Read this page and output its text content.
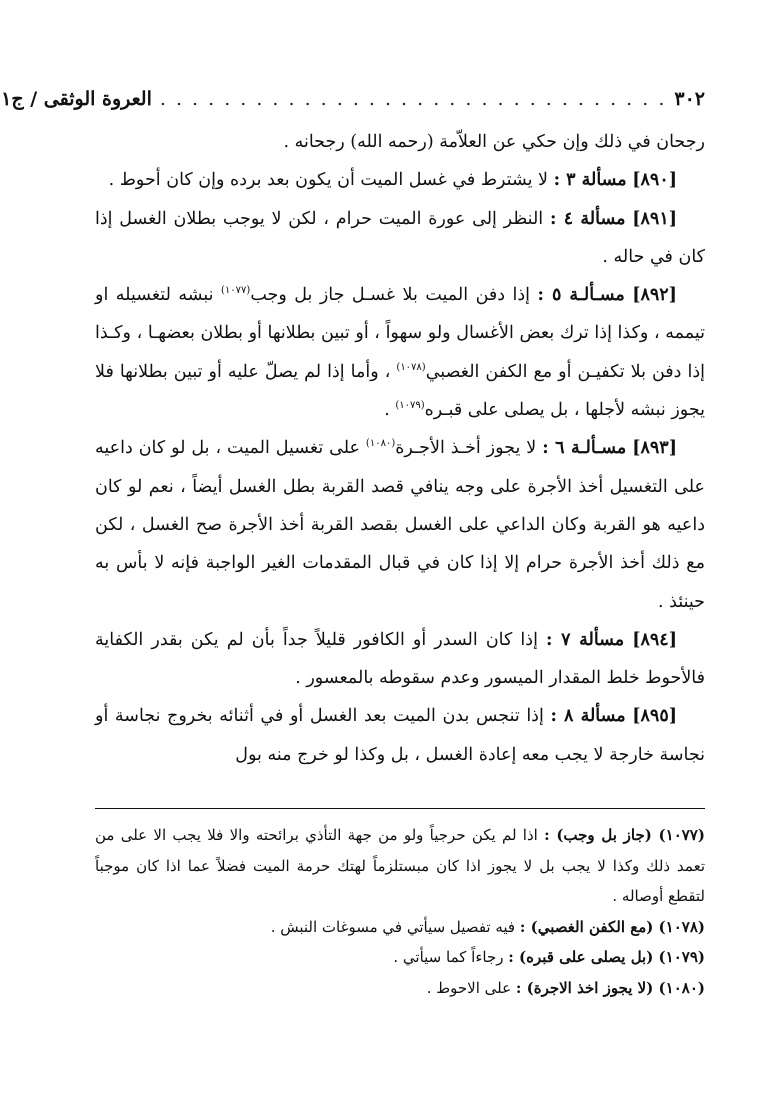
٣٠٢
. . . . . . . . . . . . . . . . . . . . . . . . . . . . . . . .
العروة الوثقى / ج١

رجحان في ذلك وإن حكي عن العلاّمة (رحمه الله) رجحانه .

[٨٩٠] مسألة ٣ : لا يشترط في غسل الميت أن يكون بعد برده وإن كان أحوط .

[٨٩١] مسألة ٤ : النظر إلى عورة الميت حرام ، لكن لا يوجب بطلان الغسل إذا كان في حاله .

[٨٩٢] مسـألـة ٥ : إذا دفن الميت بلا غسـل جاز بل وجب$^{(١٠٧٧)}$ نبشه لتغسيله او تيممه ، وكذا إذا ترك بعض الأغسال ولو سهواً ، أو تبين بطلانها أو بطلان بعضهـا ، وكـذا إذا دفن بلا تكفيـن أو مع الكفن الغصبي$^{(١٠٧٨)}$ ، وأما إذا لم يصلّ عليه أو تبين بطلانها فلا يجوز نبشه لأجلها ، بل يصلى على قبـره$^{(١٠٧٩)}$ .

[٨٩٣] مسـألـة ٦ : لا يجوز أخـذ الأجـرة$^{(١٠٨٠)}$ على تغسيل الميت ، بل لو كان داعيه على التغسيل أخذ الأجرة على وجه ينافي قصد القربة بطل الغسل أيضاً ، نعم لو كان داعيه هو القربة وكان الداعي على الغسل بقصد القربة أخذ الأجرة صح الغسل ، لكن مع ذلك أخذ الأجرة حرام إلا إذا كان في قبال المقدمات الغير الواجبة فإنه لا بأس به حينئذ .

[٨٩٤] مسألة ٧ : إذا كان السدر أو الكافور قليلاً جداً بأن لم يكن بقدر الكفاية فالأحوط خلط المقدار الميسور وعدم سقوطه بالمعسور .

[٨٩٥] مسألة ٨ : إذا تنجس بدن الميت بعد الغسل أو في أثنائه بخروج نجاسة أو نجاسة خارجة لا يجب معه إعادة الغسل ، بل وكذا لو خرج منه بول

(١٠٧٧) (جاز بل وجب) : اذا لم يكن حرجياً ولو من جهة التأذي برائحته والا فلا يجب الا على من تعمد ذلك وكذا لا يجب بل لا يجوز اذا كان مبستلزماً لهتك حرمة الميت فضلاً عما اذا كان موجباً لتقطع أوصاله .

(١٠٧٨) (مع الكفن الغصبي) : فيه تفصيل سيأتي في مسوغات النبش .

(١٠٧٩) (بل يصلى على قبره) : رجاءاً كما سيأتي .

(١٠٨٠) (لا يجوز اخذ الاجرة) : على الاحوط .
